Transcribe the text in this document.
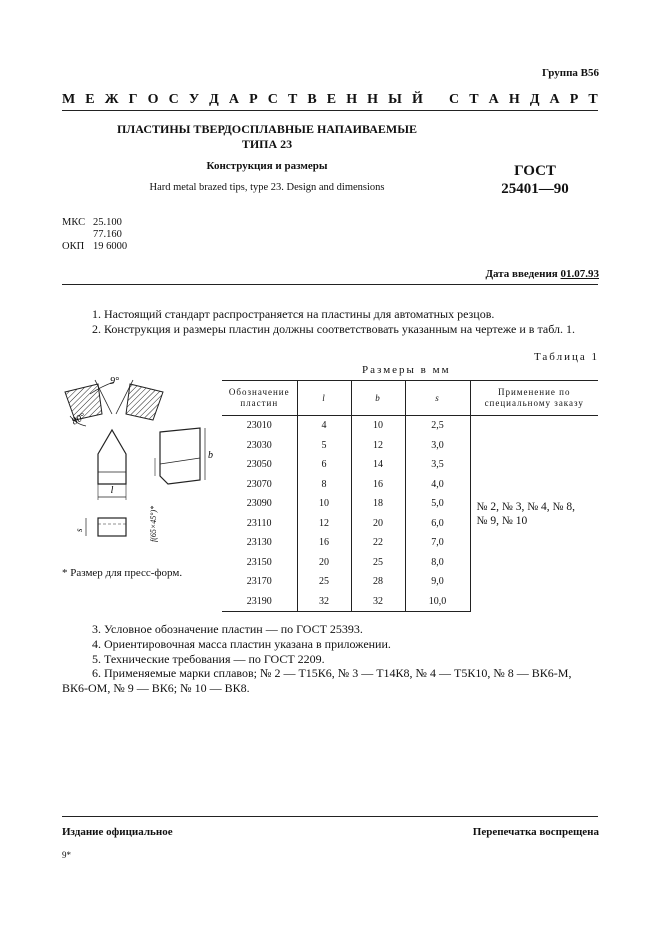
Группа В56
М Е Ж Г О С У Д А Р С Т В Е Н Н Ы Й С Т А Н Д А Р Т
ПЛАСТИНЫ ТВЕРДОСПЛАВНЫЕ НАПАИВАЕМЫЕ
ТИПА 23
Конструкция и размеры
Hard metal brazed tips, type 23. Design and dimensions
ГОСТ
25401—90
МКС 25.100
77.160
ОКП 19 6000
Дата введения 01.07.93
1. Настоящий стандарт распространяется на пластины для автоматных резцов.
2. Конструкция и размеры пластин должны соответствовать указанным на чертеже и в табл. 1.
9°
80°
l
b
f(65×45°)*
s
* Размер для пресс-форм.
Таблица 1
Размеры в мм
Обозначение пластин	l	b	s	Применение по специальному заказу
23010	4	10	2,5	№ 2, № 3, № 4, № 8,
№ 9, № 10

23030	5	12	3,0	
23050	6	14	3,5	
23070	8	16	4,0	
23090	10	18	5,0	
23110	12	20	6,0	
23130	16	22	7,0	
23150	20	25	8,0	
23170	25	28	9,0	
23190	32	32	10,0	
3. Условное обозначение пластин — по ГОСТ 25393.
4. Ориентировочная масса пластин указана в приложении.
5. Технические требования — по ГОСТ 2209.
6. Применяемые марки сплавов; № 2 — Т15К6, № 3 — Т14К8, № 4 — Т5К10, № 8 — ВК6-М,
ВК6-ОМ, № 9 — ВК6; № 10 — ВК8.
Издание официальное	Перепечатка воспрещена
9*
